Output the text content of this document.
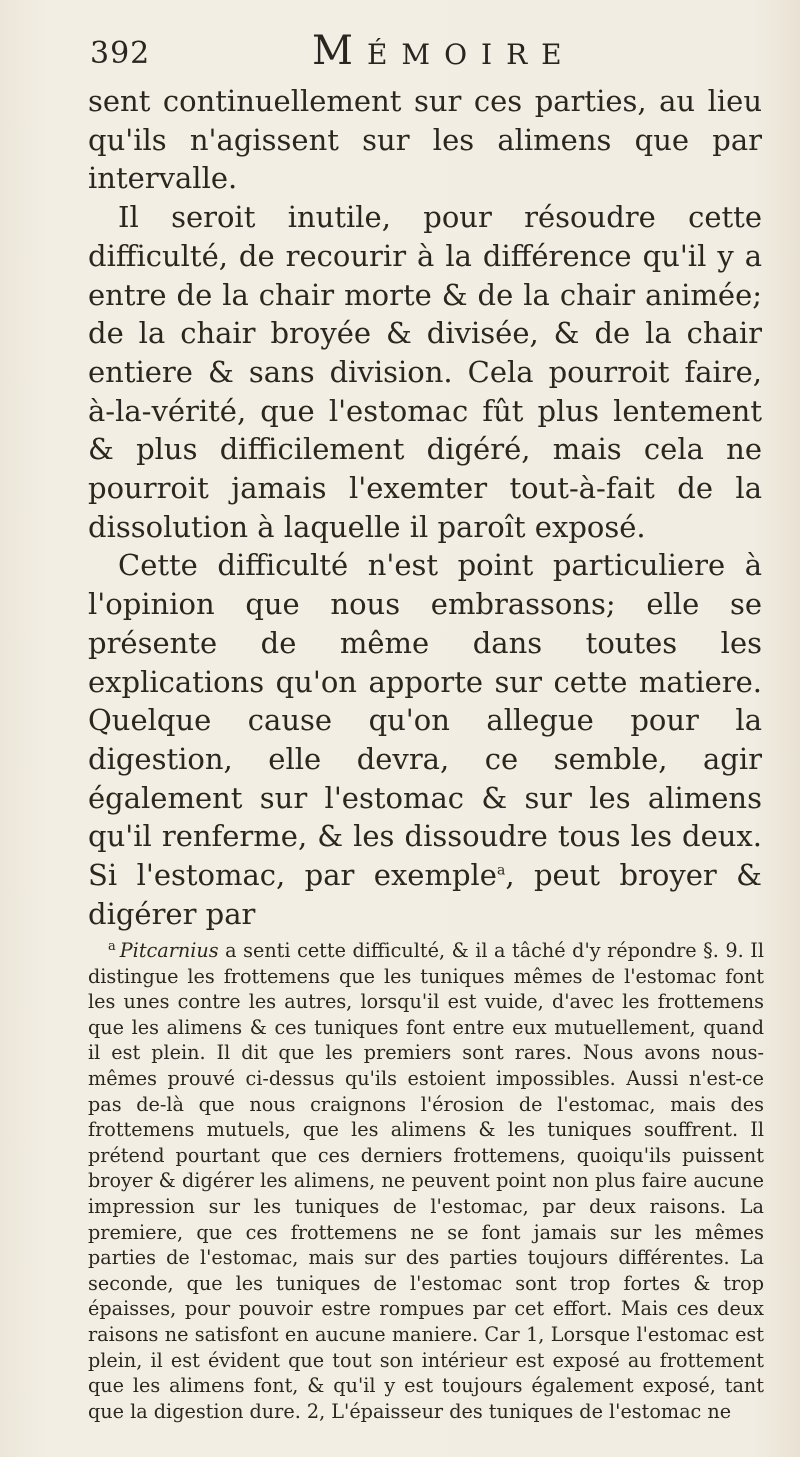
392	Mémoire

sent continuellement sur ces parties, au lieu qu'ils n'agissent sur les alimens que par intervalle.

Il seroit inutile, pour résoudre cette difficulté, de recourir à la différence qu'il y a entre de la chair morte & de la chair animée; de la chair broyée & divisée, & de la chair entiere & sans division. Cela pourroit faire, à-la-vérité, que l'estomac fût plus lentement & plus difficilement digéré, mais cela ne pourroit jamais l'exemter tout-à-fait de la dissolution à laquelle il paroît exposé.

Cette difficulté n'est point particuliere à l'opinion que nous embrassons; elle se présente de même dans toutes les explications qu'on apporte sur cette matiere. Quelque cause qu'on allegue pour la digestion, elle devra, ce semble, agir également sur l'estomac & sur les alimens qu'il renferme, & les dissoudre tous les deux. Si l'estomac, par exemple$^a$, peut broyer & digérer par

$^a$ Pitcarnius a senti cette difficulté, & il a tâché d'y répondre §. 9. Il distingue les frottemens que les tuniques mêmes de l'estomac font les unes contre les autres, lorsqu'il est vuide, d'avec les frottemens que les alimens & ces tuniques font entre eux mutuellement, quand il est plein. Il dit que les premiers sont rares. Nous avons nous-mêmes prouvé ci-dessus qu'ils estoient impossibles. Aussi n'est-ce pas de-là que nous craignons l'érosion de l'estomac, mais des frottemens mutuels, que les alimens & les tuniques souffrent. Il prétend pourtant que ces derniers frottemens, quoiqu'ils puissent broyer & digérer les alimens, ne peuvent point non plus faire aucune impression sur les tuniques de l'estomac, par deux raisons. La premiere, que ces frottemens ne se font jamais sur les mêmes parties de l'estomac, mais sur des parties toujours différentes. La seconde, que les tuniques de l'estomac sont trop fortes & trop épaisses, pour pouvoir estre rompues par cet effort. Mais ces deux raisons ne satisfont en aucune maniere. Car 1, Lorsque l'estomac est plein, il est évident que tout son intérieur est exposé au frottement que les alimens font, & qu'il y est toujours également exposé, tant que la digestion dure. 2, L'épaisseur des tuniques de l'estomac ne
